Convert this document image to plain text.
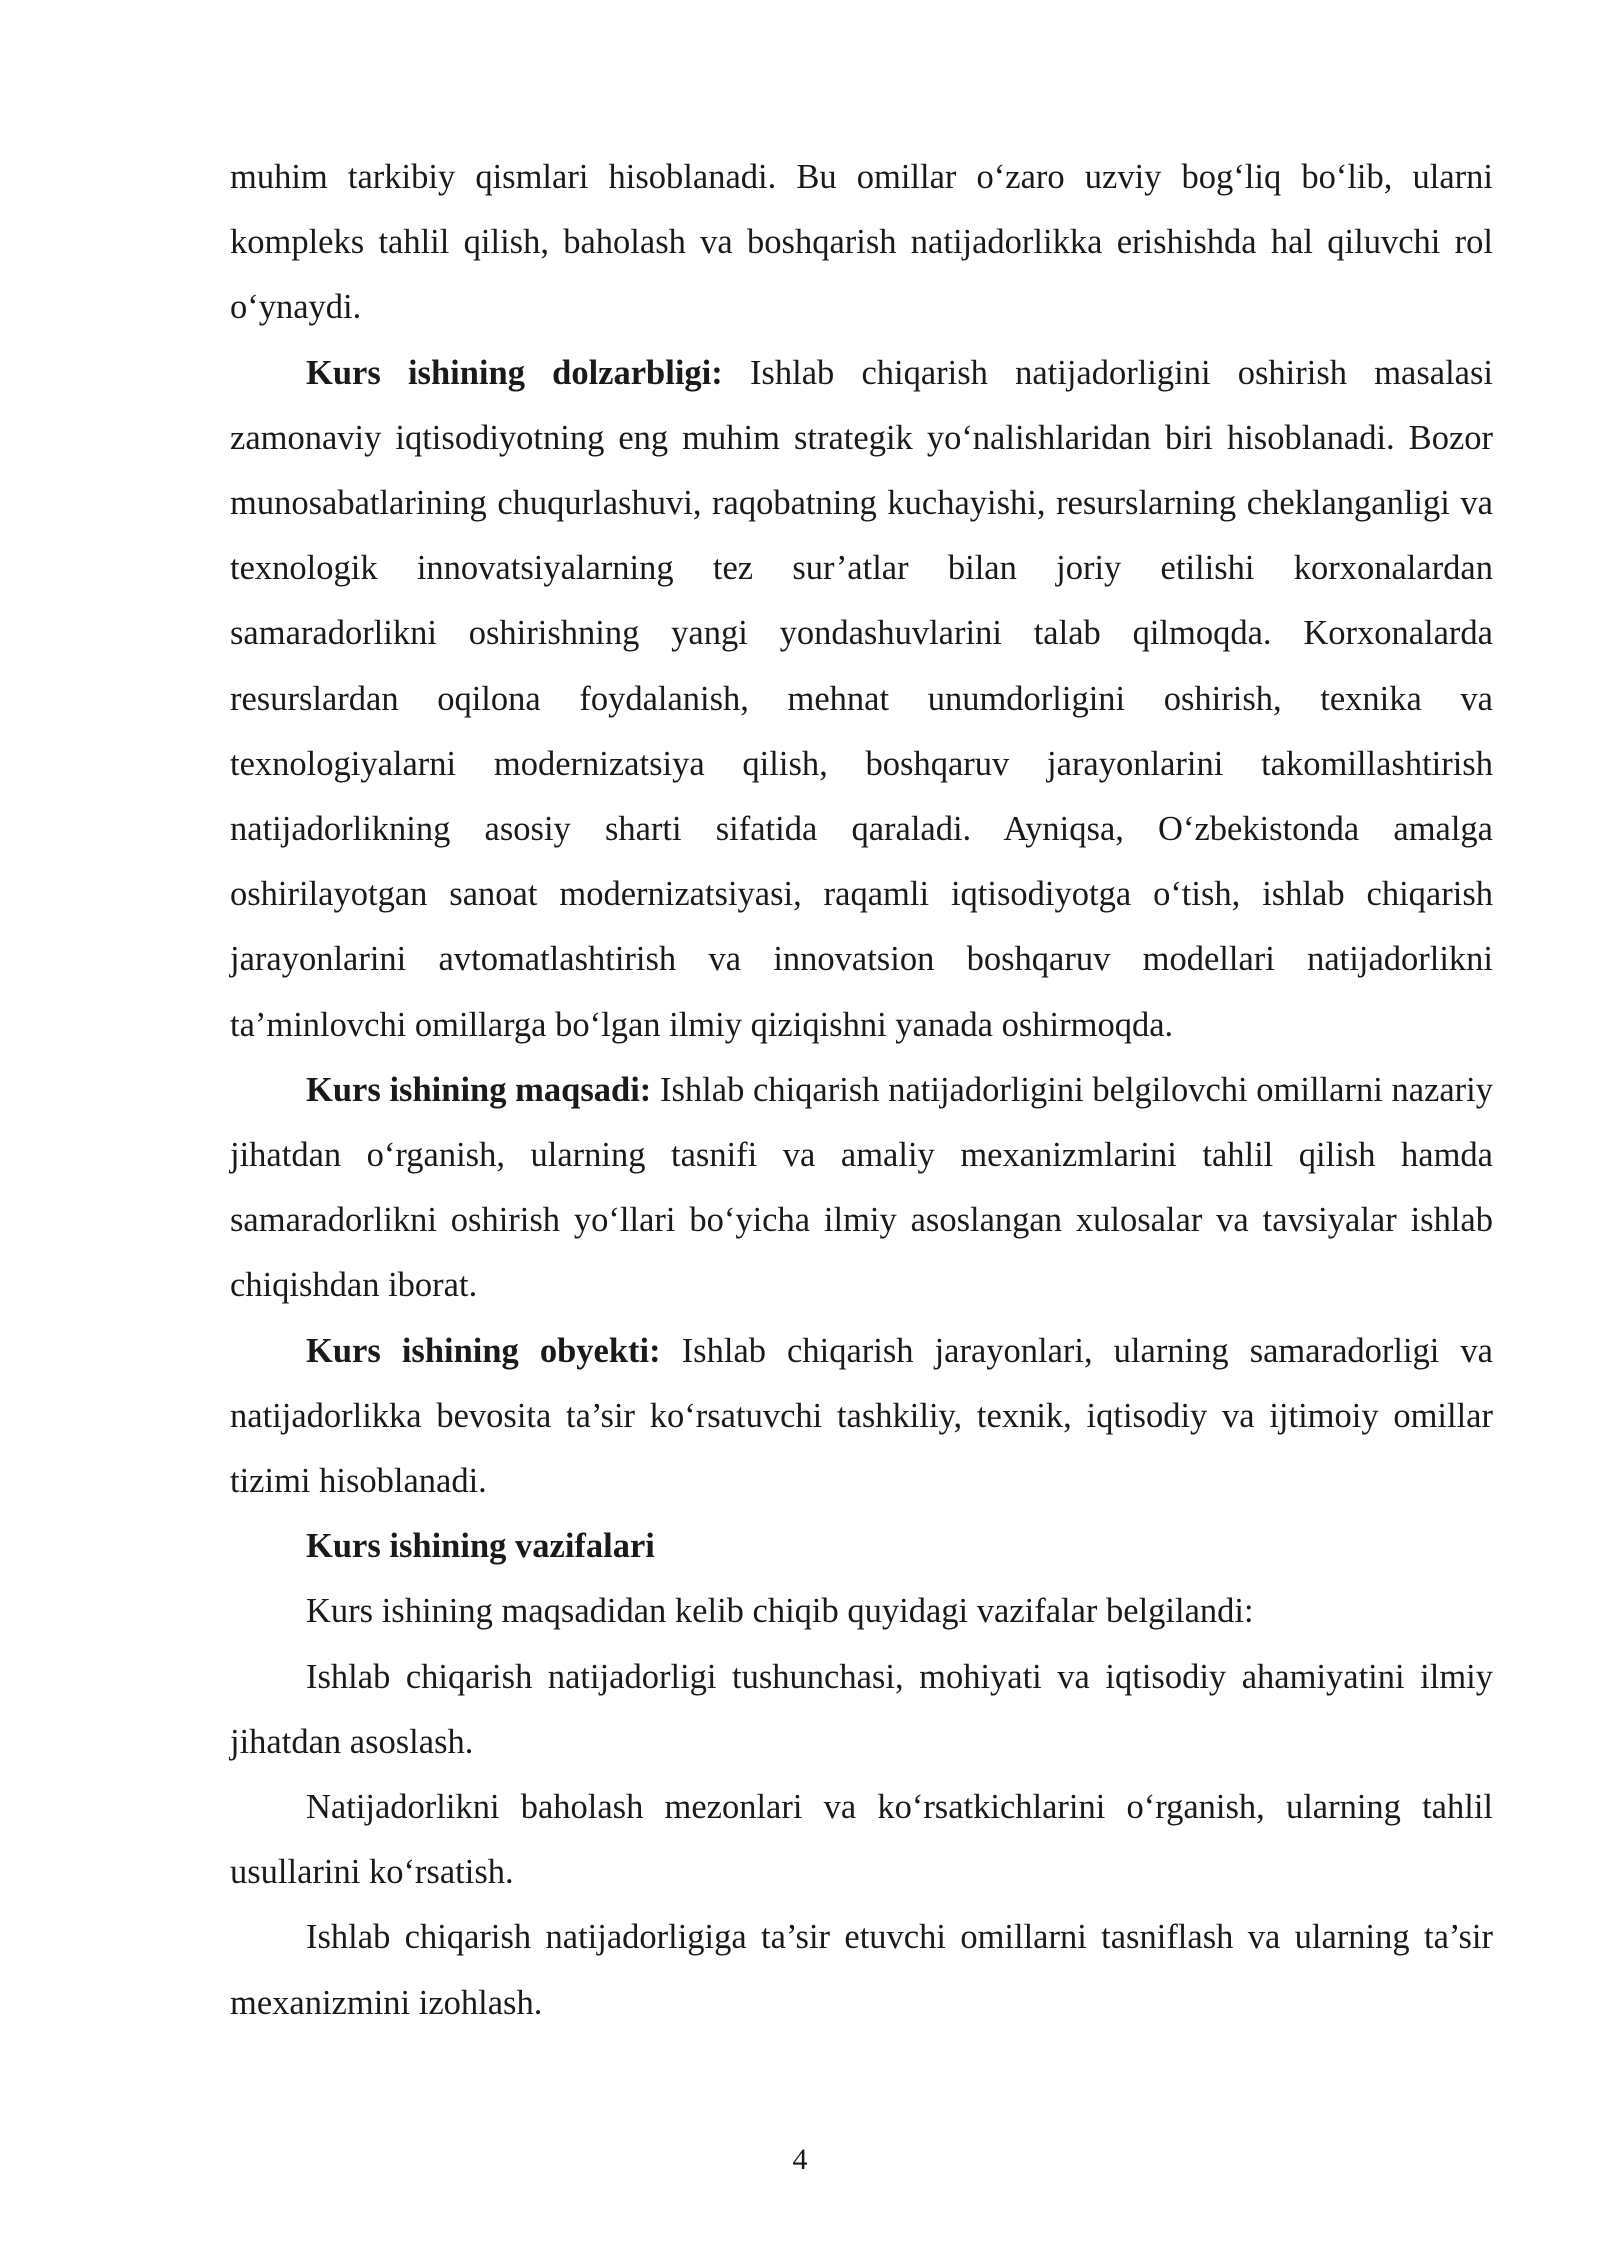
muhim tarkibiy qismlari hisoblanadi. Bu omillar o‘zaro uzviy bog‘liq bo‘lib, ularni kompleks tahlil qilish, baholash va boshqarish natijadorlikka erishishda hal qiluvchi rol o‘ynaydi.

Kurs ishining dolzarbligi: Ishlab chiqarish natijadorligini oshirish masalasi zamonaviy iqtisodiyotning eng muhim strategik yo‘nalishlaridan biri hisoblanadi. Bozor munosabatlarining chuqurlashuvi, raqobatning kuchayishi, resurslarning cheklanganligi va texnologik innovatsiyalarning tez sur’atlar bilan joriy etilishi korxonalardan samaradorlikni oshirishning yangi yondashuvlarini talab qilmoqda. Korxonalarda resurslardan oqilona foydalanish, mehnat unumdorligini oshirish, texnika va texnologiyalarni modernizatsiya qilish, boshqaruv jarayonlarini takomillashtirish natijadorlikning asosiy sharti sifatida qaraladi. Ayniqsa, O‘zbekistonda amalga oshirilayotgan sanoat modernizatsiyasi, raqamli iqtisodiyotga o‘tish, ishlab chiqarish jarayonlarini avtomatlashtirish va innovatsion boshqaruv modellari natijadorlikni ta’minlovchi omillarga bo‘lgan ilmiy qiziqishni yanada oshirmoqda.

Kurs ishining maqsadi: Ishlab chiqarish natijadorligini belgilovchi omillarni nazariy jihatdan o‘rganish, ularning tasnifi va amaliy mexanizmlarini tahlil qilish hamda samaradorlikni oshirish yo‘llari bo‘yicha ilmiy asoslangan xulosalar va tavsiyalar ishlab chiqishdan iborat.

Kurs ishining obyekti: Ishlab chiqarish jarayonlari, ularning samaradorligi va natijadorlikka bevosita ta’sir ko‘rsatuvchi tashkiliy, texnik, iqtisodiy va ijtimoiy omillar tizimi hisoblanadi.

Kurs ishining vazifalari

Kurs ishining maqsadidan kelib chiqib quyidagi vazifalar belgilandi:

Ishlab chiqarish natijadorligi tushunchasi, mohiyati va iqtisodiy ahamiyatini ilmiy jihatdan asoslash.

Natijadorlikni baholash mezonlari va ko‘rsatkichlarini o‘rganish, ularning tahlil usullarini ko‘rsatish.

Ishlab chiqarish natijadorligiga ta’sir etuvchi omillarni tasniflash va ularning ta’sir mexanizmini izohlash.

4
